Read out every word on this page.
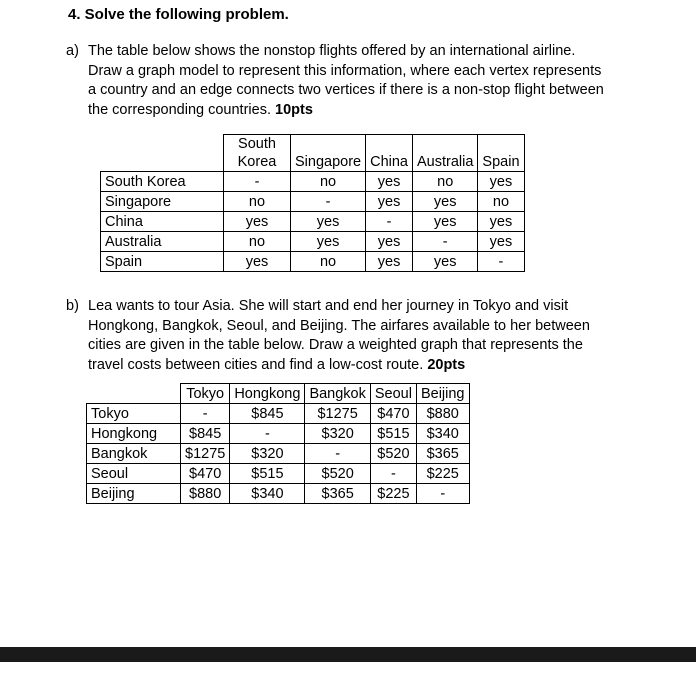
4. Solve the following problem.
a) The table below shows the nonstop flights offered by an international airline.
Draw a graph model to represent this information, where each vertex represents
a country and an edge connects two vertices if there is a non-stop flight between
the corresponding countries. 10pts
	South Korea	Singapore	China	Australia	Spain
South Korea	-	no	yes	no	yes
Singapore	no	-	yes	yes	no
China	yes	yes	-	yes	yes
Australia	no	yes	yes	-	yes
Spain	yes	no	yes	yes	-
b) Lea wants to tour Asia. She will start and end her journey in Tokyo and visit
Hongkong, Bangkok, Seoul, and Beijing. The airfares available to her between
cities are given in the table below. Draw a weighted graph that represents the
travel costs between cities and find a low-cost route. 20pts
	Tokyo	Hongkong	Bangkok	Seoul	Beijing
Tokyo	-	$845	$1275	$470	$880
Hongkong	$845	-	$320	$515	$340
Bangkok	$1275	$320	-	$520	$365
Seoul	$470	$515	$520	-	$225
Beijing	$880	$340	$365	$225	-
